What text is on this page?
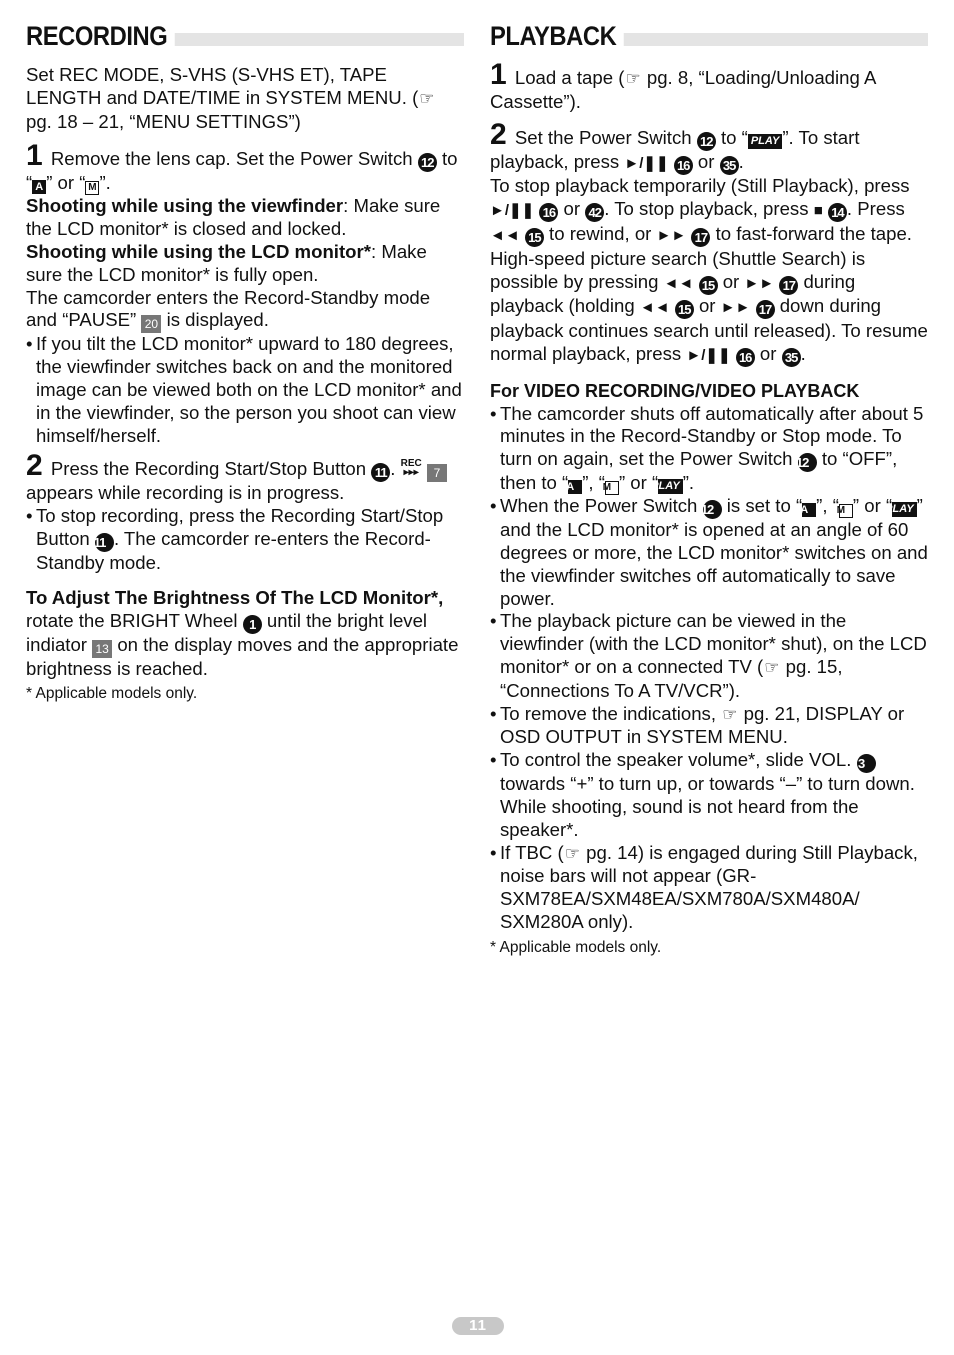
RECORDING

Set REC MODE, S-VHS (S-VHS ET), TAPE LENGTH and DATE/TIME in SYSTEM MENU. (☞ pg. 18 – 21, “MENU SETTINGS”)

1 Remove the lens cap. Set the Power Switch 12 to “ A ” or “ M ”.

Shooting while using the viewfinder: Make sure the LCD monitor* is closed and locked.

Shooting while using the LCD monitor*: Make sure the LCD monitor* is fully open.

The camcorder enters the Record-Standby mode and “PAUSE” 20 is displayed.

• If you tilt the LCD monitor* upward to 180 degrees, the viewfinder switches back on and the monitored image can be viewed both on the LCD monitor* and in the viewfinder, so the person you shoot can view himself/herself.

2 Press the Recording Start/Stop Button 11 . REC
▸▸▸ 7 appears while recording is in progress.

• To stop recording, press the Recording Start/Stop Button 11 . The camcorder re-enters the Record-Standby mode.

To Adjust The Brightness Of The LCD Monitor*,
rotate the BRIGHT Wheel 1 until the bright level indiator 13 on the display moves and the appropriate brightness is reached.

* Applicable models only.

PLAYBACK

1 Load a tape (☞ pg. 8, “Loading/Unloading A Cassette”).

2 Set the Power Switch 12 to “ PLAY ”. To start playback, press ►/❚❚ 16 or 35 .

To stop playback temporarily (Still Playback), press ►/❚❚ 16 or 42 . To stop playback, press ■ 14 . Press ◄◄ 15 to rewind, or ►► 17 to fast-forward the tape. High-speed picture search (Shuttle Search) is possible by pressing ◄◄ 15 or ►► 17 during playback (holding ◄◄ 15 or ►► 17 down during playback continues search until released). To resume normal playback, press ►/❚❚ 16 or 35 .

For VIDEO RECORDING/VIDEO PLAYBACK

• The camcorder shuts off automatically after about 5 minutes in the Record-Standby or Stop mode. To turn on again, set the Power Switch 12 to “OFF”, then to “A ”, “M ” or “PLAY ”.

• When the Power Switch 12 is set to “A ”, “M ” or “PLAY ” and the LCD monitor* is opened at an angle of 60 degrees or more, the LCD monitor* switches on and the viewfinder switches off automatically to save power.

• The playback picture can be viewed in the viewfinder (with the LCD monitor* shut), on the LCD monitor* or on a connected TV (☞ pg. 15, “Connections To A TV/VCR”).

• To remove the indications, ☞ pg. 21, DISPLAY or OSD OUTPUT in SYSTEM MENU.

• To control the speaker volume*, slide VOL. 3 towards “+” to turn up, or towards “–” to turn down. While shooting, sound is not heard from the speaker*.

• If TBC (☞ pg. 14) is engaged during Still Playback, noise bars will not appear (GR-SXM78EA/SXM48EA/SXM780A/SXM480A/ SXM280A only).

* Applicable models only.

11
